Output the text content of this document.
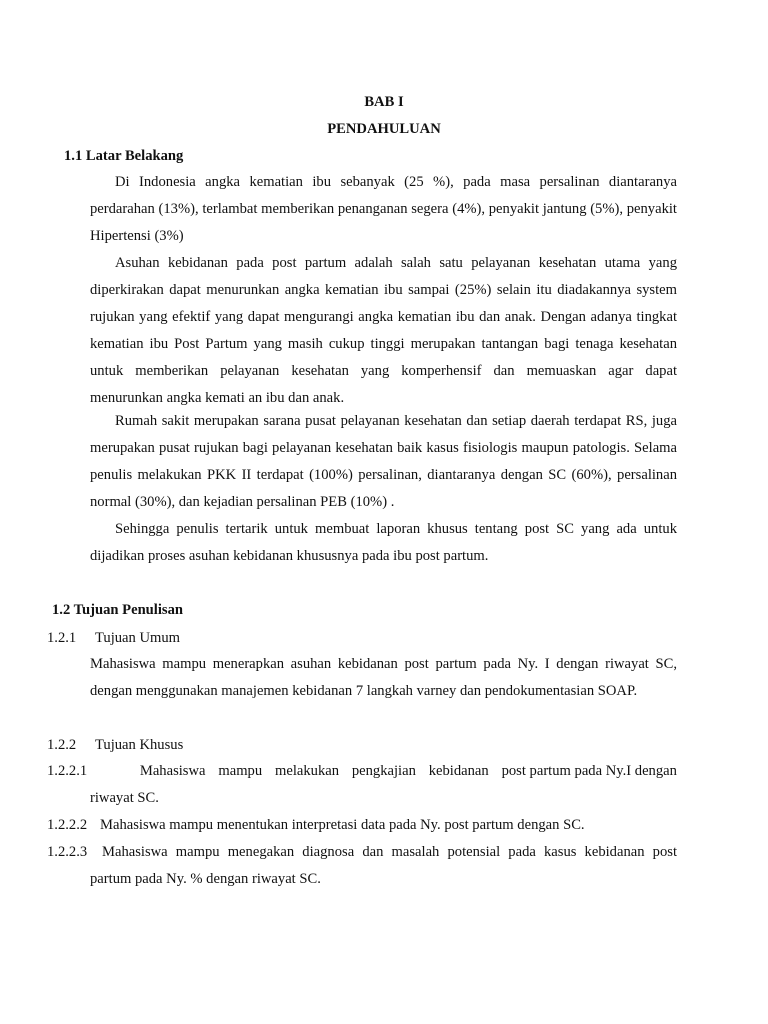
BAB I
PENDAHULUAN
1.1 Latar Belakang

Di Indonesia angka kematian ibu sebanyak (25 %), pada masa persalinan diantaranya perdarahan (13%), terlambat memberikan penanganan segera (4%), penyakit jantung (5%), penyakit Hipertensi (3%)

Asuhan kebidanan pada post partum adalah salah satu pelayanan kesehatan utama yang diperkirakan dapat menurunkan angka kematian ibu sampai (25%) selain itu diadakannya system rujukan yang efektif yang dapat mengurangi angka kematian ibu dan anak. Dengan adanya tingkat kematian ibu Post Partum yang masih cukup tinggi merupakan tantangan bagi tenaga kesehatan untuk memberikan pelayanan kesehatan yang komperhensif dan memuaskan agar dapat menurunkan angka kemati an ibu dan anak.

Rumah sakit merupakan sarana pusat pelayanan kesehatan dan setiap daerah terdapat RS, juga merupakan pusat rujukan bagi pelayanan kesehatan baik kasus fisiologis maupun patologis. Selama penulis melakukan PKK II terdapat (100%) persalinan, diantaranya dengan SC (60%), persalinan normal (30%), dan kejadian persalinan PEB (10%) .

Sehingga penulis tertarik untuk membuat laporan khusus tentang post SC yang ada untuk dijadikan proses asuhan kebidanan khususnya pada ibu post partum.

1.2 Tujuan Penulisan
1.2.1 Tujuan Umum

Mahasiswa mampu menerapkan asuhan kebidanan post partum pada Ny. I dengan riwayat SC, dengan menggunakan manajemen kebidanan 7 langkah varney dan pendokumentasian SOAP.

1.2.2 Tujuan Khusus
1.2.2.1	Mahasiswa mampu melakukan pengkajian kebidanan post partum pada Ny.I dengan
riwayat SC.
1.2.2.2 Mahasiswa mampu menentukan interpretasi data pada Ny. post partum dengan SC.
1.2.2.3	Mahasiswa mampu menegakan diagnosa dan masalah potensial pada kasus kebidanan post
partum pada Ny. % dengan riwayat SC.
